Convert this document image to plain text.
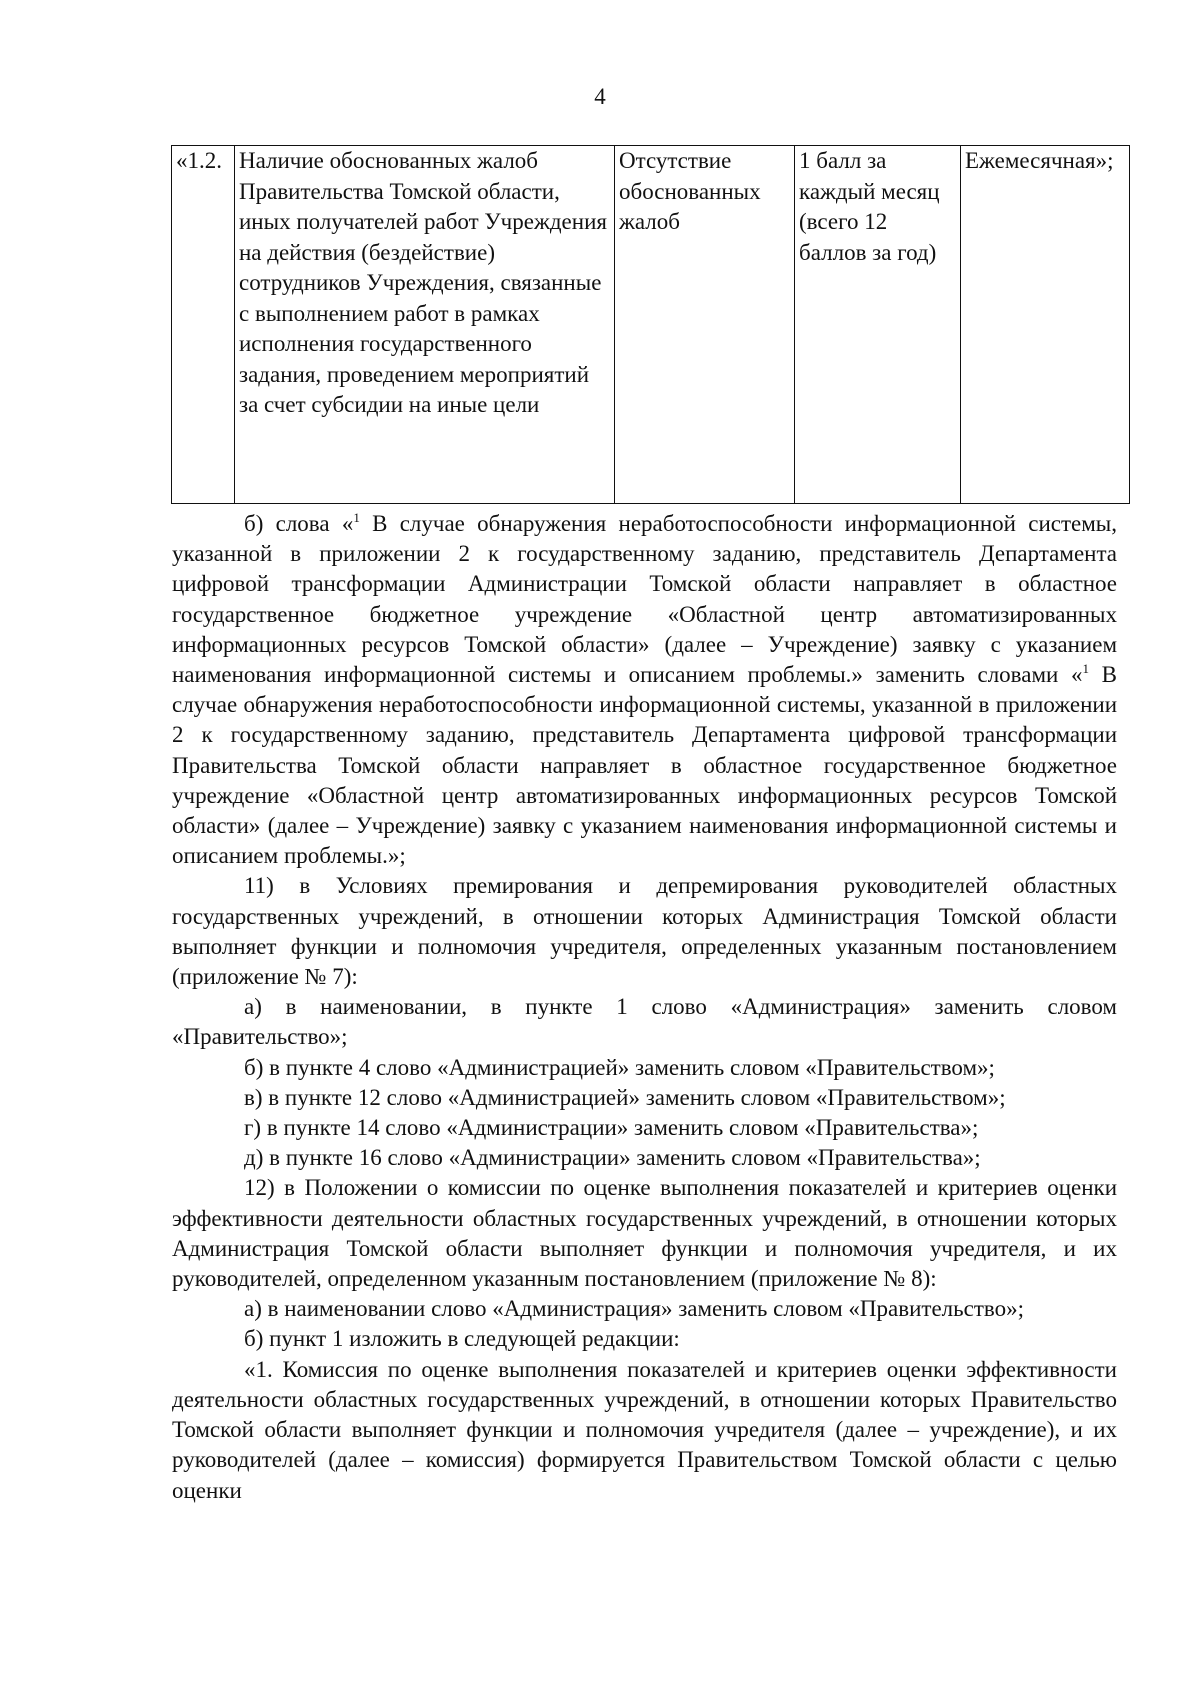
4
«1.2.	Наличие обоснованных жалоб Правительства Томской области, иных получателей работ Учреждения на действия (бездействие) сотрудников Учреждения, связанные с выполнением работ в рамках исполнения государственного задания, проведением мероприятий за счет субсидии на иные цели	Отсутствие обоснованных жалоб	1 балл за каждый месяц (всего 12 баллов за год)	Ежемесячная»;

б) слова «$^1$ В случае обнаружения неработоспособности информационной системы, указанной в приложении 2 к государственному заданию, представитель Департамента цифровой трансформации Администрации Томской области направляет в областное государственное бюджетное учреждение «Областной центр автоматизированных информационных ресурсов Томской области» (далее – Учреждение) заявку с указанием наименования информационной системы и описанием проблемы.» заменить словами «$^1$ В случае обнаружения неработоспособности информационной системы, указанной в приложении 2 к государственному заданию, представитель Департамента цифровой трансформации Правительства Томской области направляет в областное государственное бюджетное учреждение «Областной центр автоматизированных информационных ресурсов Томской области» (далее – Учреждение) заявку с указанием наименования информационной системы и описанием проблемы.»;

11) в Условиях премирования и депремирования руководителей областных государственных учреждений, в отношении которых Администрация Томской области выполняет функции и полномочия учредителя, определенных указанным постановлением (приложение № 7):

а) в наименовании, в пункте 1 слово «Администрация» заменить словом «Правительство»;

б) в пункте 4 слово «Администрацией» заменить словом «Правительством»;

в) в пункте 12 слово «Администрацией» заменить словом «Правительством»;

г) в пункте 14 слово «Администрации» заменить словом «Правительства»;

д) в пункте 16 слово «Администрации» заменить словом «Правительства»;

12) в Положении о комиссии по оценке выполнения показателей и критериев оценки эффективности деятельности областных государственных учреждений, в отношении которых Администрация Томской области выполняет функции и полномочия учредителя, и их руководителей, определенном указанным постановлением (приложение № 8):

а) в наименовании слово «Администрация» заменить словом «Правительство»;

б) пункт 1 изложить в следующей редакции:

«1. Комиссия по оценке выполнения показателей и критериев оценки эффективности деятельности областных государственных учреждений, в отношении которых Правительство Томской области выполняет функции и полномочия учредителя (далее – учреждение), и их руководителей (далее – комиссия) формируется Правительством Томской области с целью оценки
